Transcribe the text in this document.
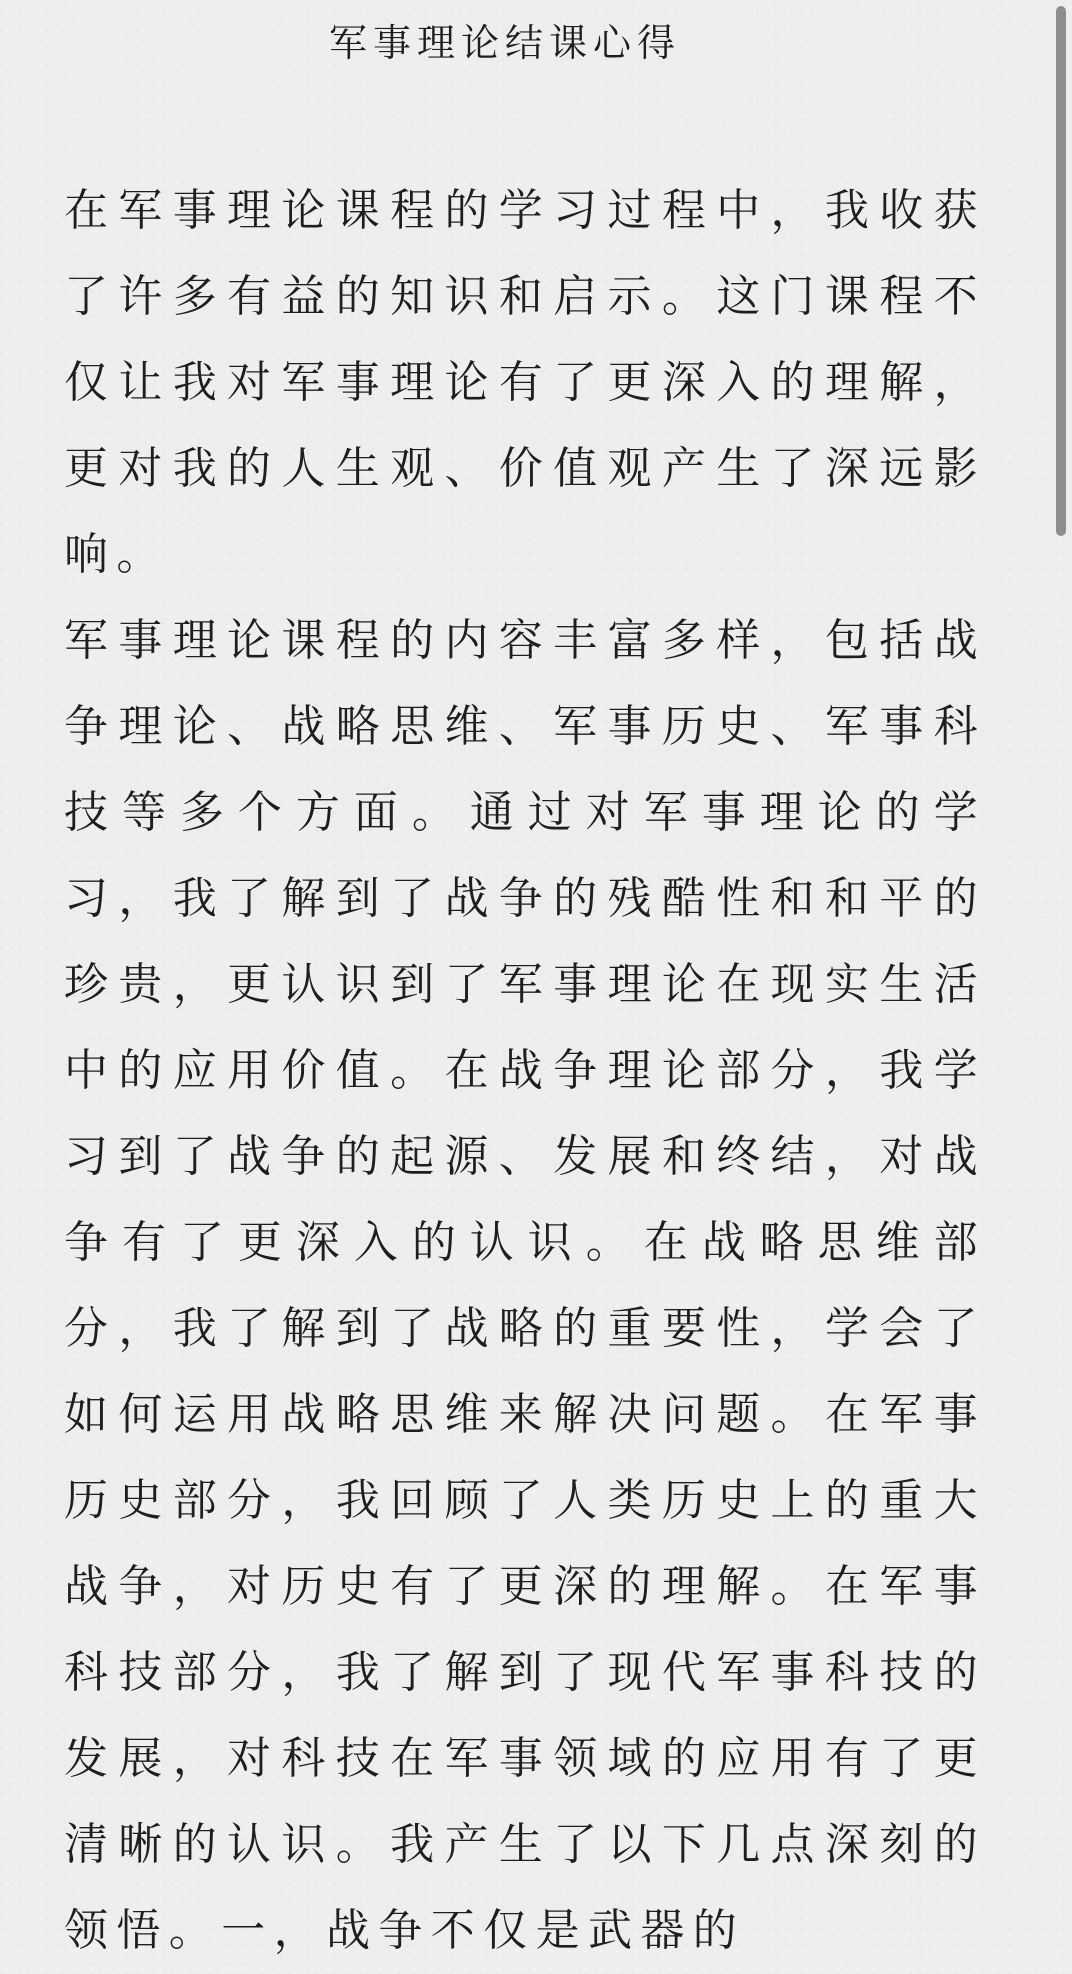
军事理论结课心得

在军事理论课程的学习过程中，我收获了许多有益的知识和启示。这门课程不仅让我对军事理论有了更深入的理解，更对我的人生观、价值观产生了深远影响。

军事理论课程的内容丰富多样，包括战争理论、战略思维、军事历史、军事科技等多个方面。通过对军事理论的学习，我了解到了战争的残酷性和和平的珍贵，更认识到了军事理论在现实生活中的应用价值。在战争理论部分，我学习到了战争的起源、发展和终结，对战争有了更深入的认识。在战略思维部分，我了解到了战略的重要性，学会了如何运用战略思维来解决问题。在军事历史部分，我回顾了人类历史上的重大战争，对历史有了更深的理解。在军事科技部分，我了解到了现代军事科技的发展，对科技在军事领域的应用有了更清晰的认识。我产生了以下几点深刻的领悟。一，战争不仅是武器的
